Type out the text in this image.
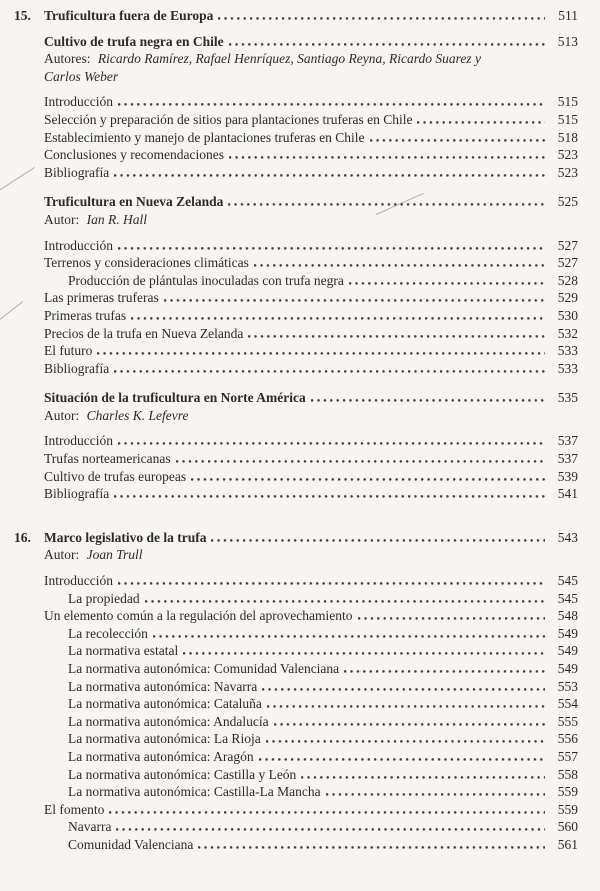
15. Truficultura fuera de Europa	511
Cultivo de trufa negra en Chile	513
Autores: Ricardo Ramírez, Rafael Henríquez, Santiago Reyna, Ricardo Suarez y Carlos Weber
Introducción	515
Selección y preparación de sitios para plantaciones truferas en Chile	515
Establecimiento y manejo de plantaciones truferas en Chile	518
Conclusiones y recomendaciones	523
Bibliografía	523
Truficultura en Nueva Zelanda	525
Autor: Ian R. Hall
Introducción	527
Terrenos y consideraciones climáticas	527
Producción de plántulas inoculadas con trufa negra	528
Las primeras truferas	529
Primeras trufas	530
Precios de la trufa en Nueva Zelanda	532
El futuro	533
Bibliografía	533
Situación de la truficultura en Norte América	535
Autor: Charles K. Lefevre
Introducción	537
Trufas norteamericanas	537
Cultivo de trufas europeas	539
Bibliografía	541
16. Marco legislativo de la trufa	543
Autor: Joan Trull
Introducción	545
La propiedad	545
Un elemento común a la regulación del aprovechamiento	548
La recolección	549
La normativa estatal	549
La normativa autonómica: Comunidad Valenciana	549
La normativa autonómica: Navarra	553
La normativa autonómica: Cataluña	554
La normativa autonómica: Andalucía	555
La normativa autonómica: La Rioja	556
La normativa autonómica: Aragón	557
La normativa autonómica: Castilla y León	558
La normativa autonómica: Castilla-La Mancha	559
El fomento	559
Navarra	560
Comunidad Valenciana	561
